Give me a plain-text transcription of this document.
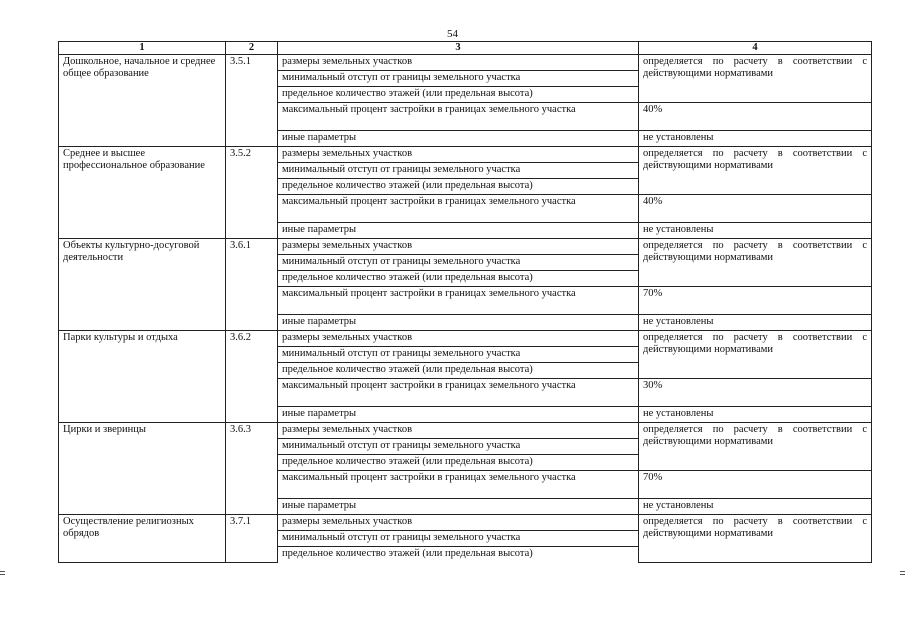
54
1	2	3	4
Дошкольное, начальное и среднее общее образование	3.5.1	размеры земельных участков	определяется по расчету в соответствии с действующими нормативами
		минимальный отступ от границы земельного участка	
		предельное количество этажей (или предельная высота)	
		максимальный процент застройки в границах земельного участка	40%
		иные параметры	не установлены
Среднее и высшее профессиональное образование	3.5.2	размеры земельных участков	определяется по расчету в соответствии с действующими нормативами
		минимальный отступ от границы земельного участка	
		предельное количество этажей (или предельная высота)	
		максимальный процент застройки в границах земельного участка	40%
		иные параметры	не установлены
Объекты культурно-досуговой деятельности	3.6.1	размеры земельных участков	определяется по расчету в соответствии с действующими нормативами
		минимальный отступ от границы земельного участка	
		предельное количество этажей (или предельная высота)	
		максимальный процент застройки в границах земельного участка	70%
		иные параметры	не установлены
Парки культуры и отдыха	3.6.2	размеры земельных участков	определяется по расчету в соответствии с действующими нормативами
		минимальный отступ от границы земельного участка	
		предельное количество этажей (или предельная высота)	
		максимальный процент застройки в границах земельного участка	30%
		иные параметры	не установлены
Цирки и зверинцы	3.6.3	размеры земельных участков	определяется по расчету в соответствии с действующими нормативами
		минимальный отступ от границы земельного участка	
		предельное количество этажей (или предельная высота)	
		максимальный процент застройки в границах земельного участка	70%
		иные параметры	не установлены
Осуществление религиозных обрядов	3.7.1	размеры земельных участков	определяется по расчету в соответствии с действующими нормативами
		минимальный отступ от границы земельного участка	
		предельное количество этажей (или предельная высота)	
